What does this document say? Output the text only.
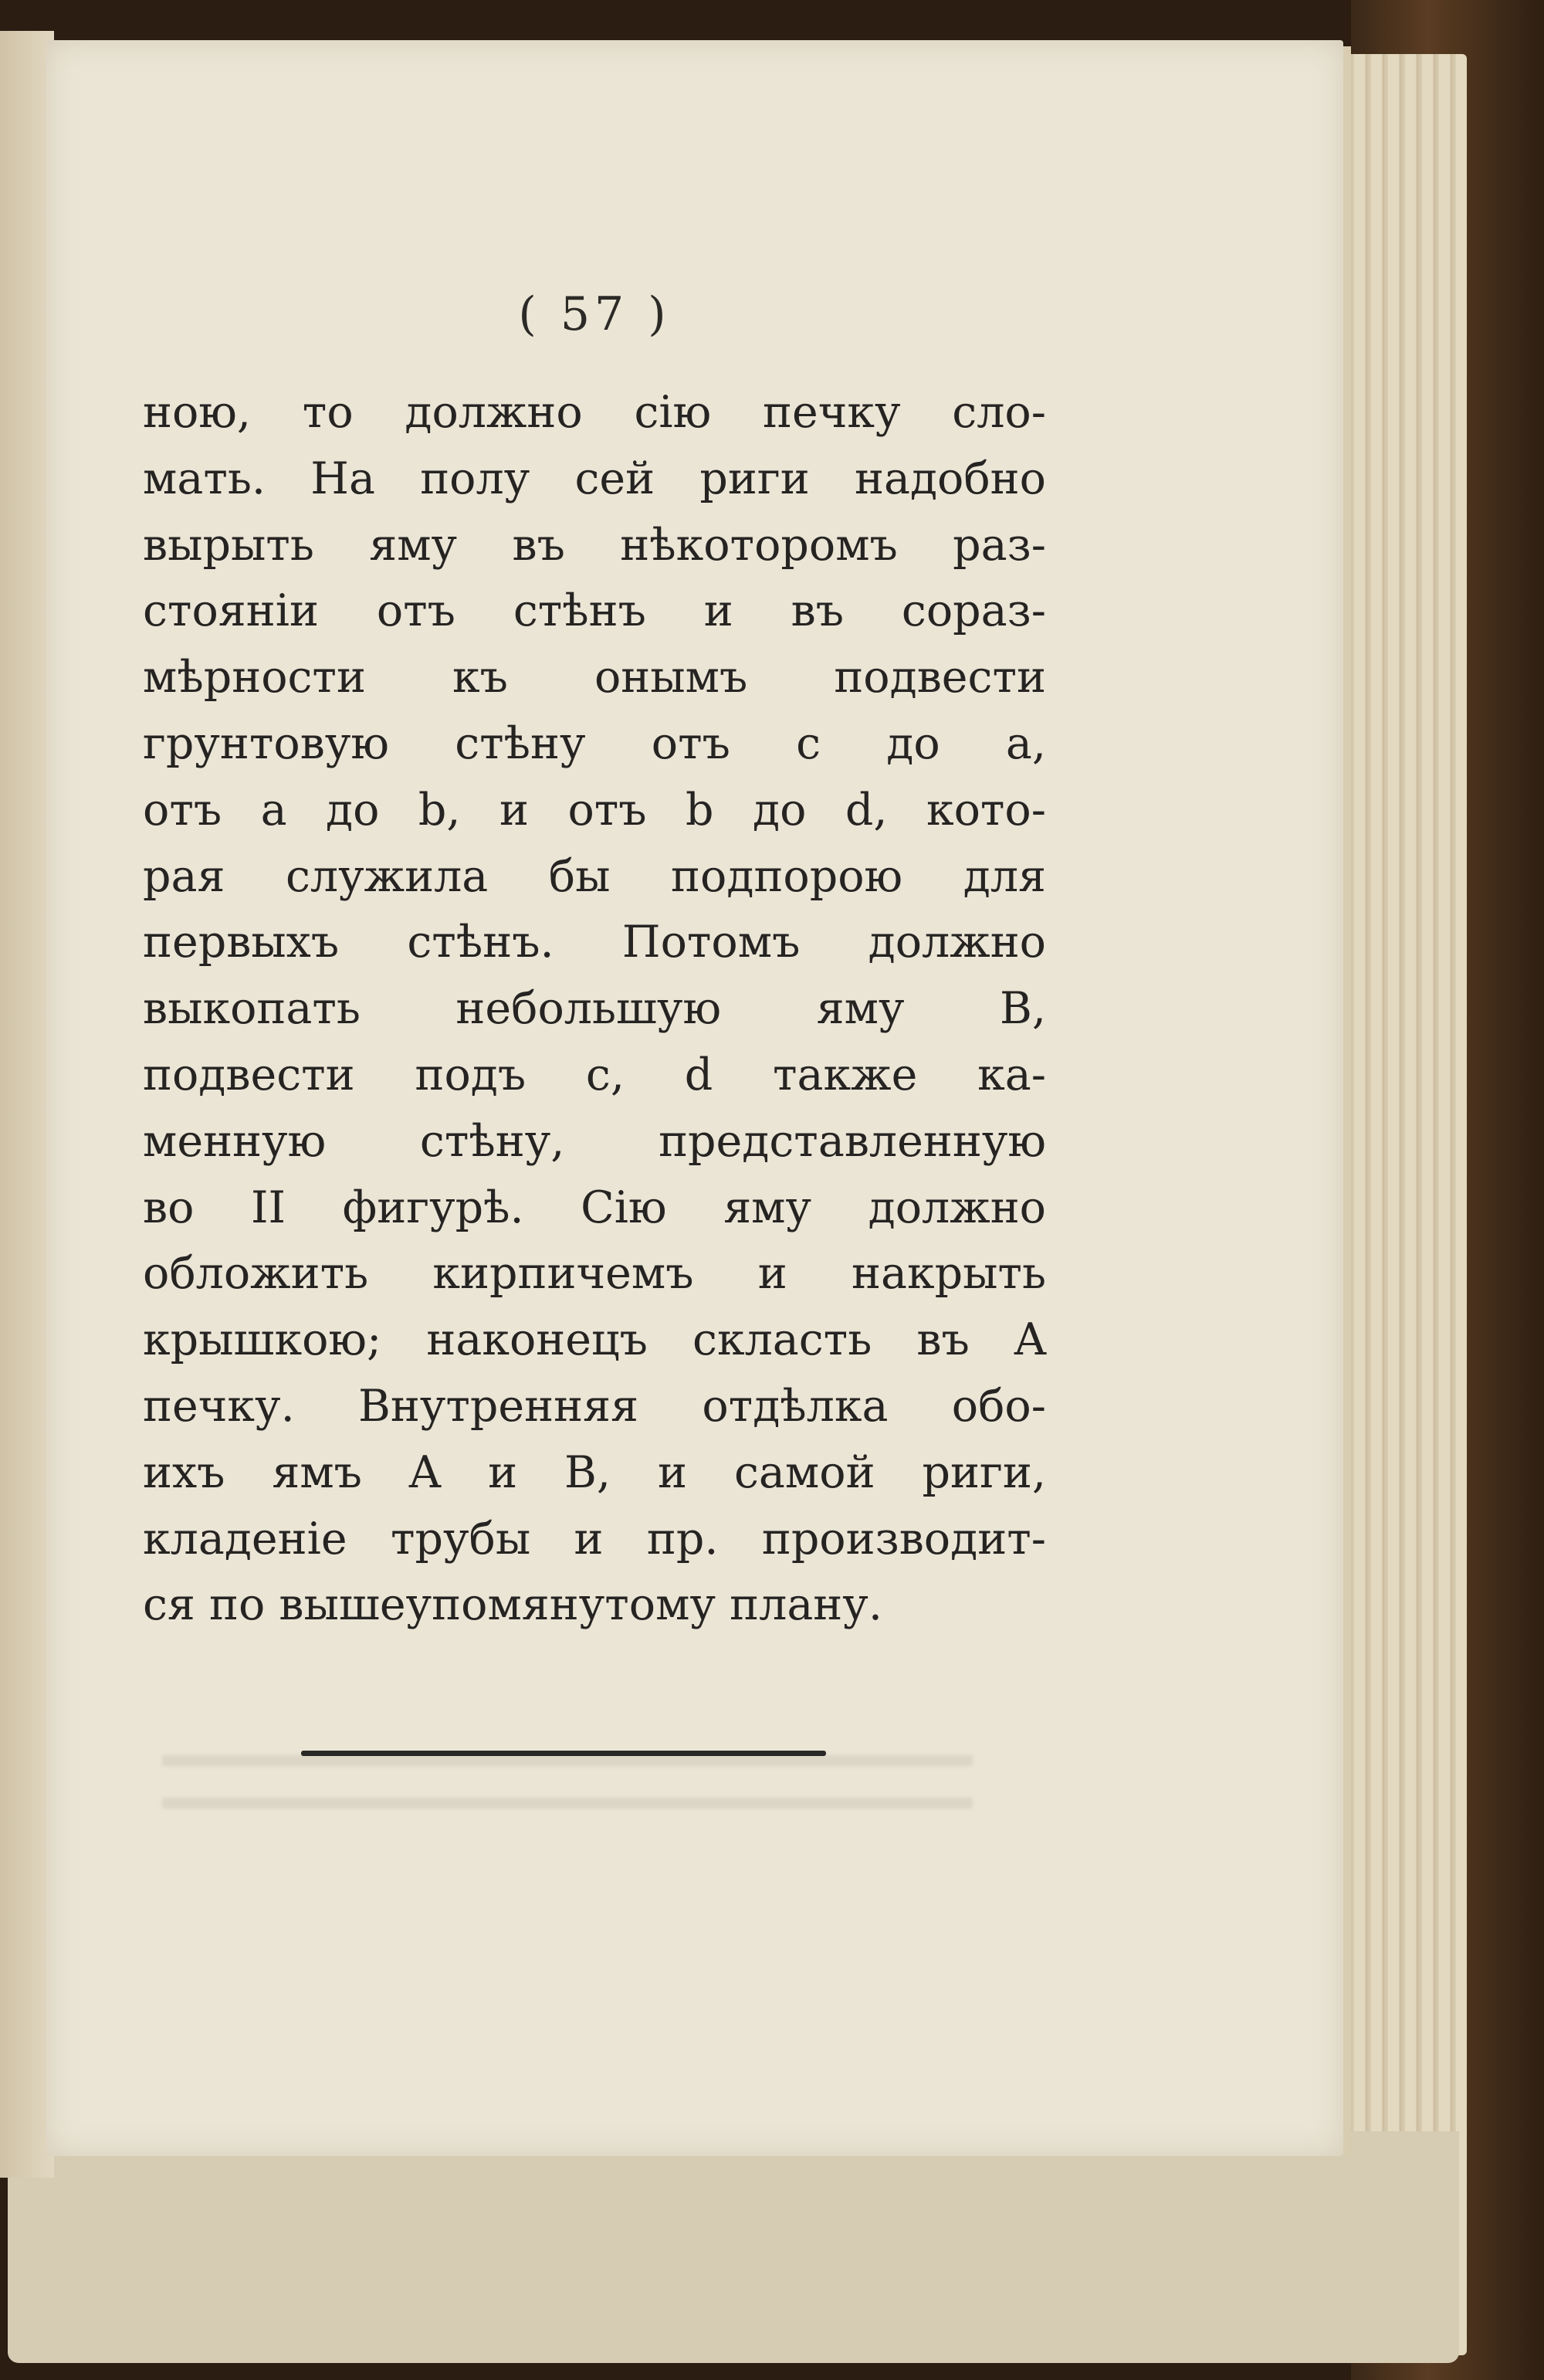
( 57 )
нoю, то должно сiю печку сло-
мать. На полу сей риги надобно
вырыть яму въ нѣкоторомъ раз-
стоянiи отъ стѣнъ и въ сораз-
мѣрности къ онымъ подвести
грунтовую стѣну отъ c до a,
отъ a до b, и отъ b до d, кото-
рая служила бы подпорою для
первыхъ стѣнъ. Потомъ должно
выкопать небольшую яму B,
подвести подъ c, d также ка-
менную стѣну, представленную
во II фигурѣ. Сiю яму должно
обложить кирпичемъ и накрыть
крышкою; наконецъ скласть въ A
печку. Внутренняя отдѣлка обо-
ихъ ямъ A и B, и самой риги,
кладенiе трубы и пр. производит-
ся по вышеупомянутому плану.
